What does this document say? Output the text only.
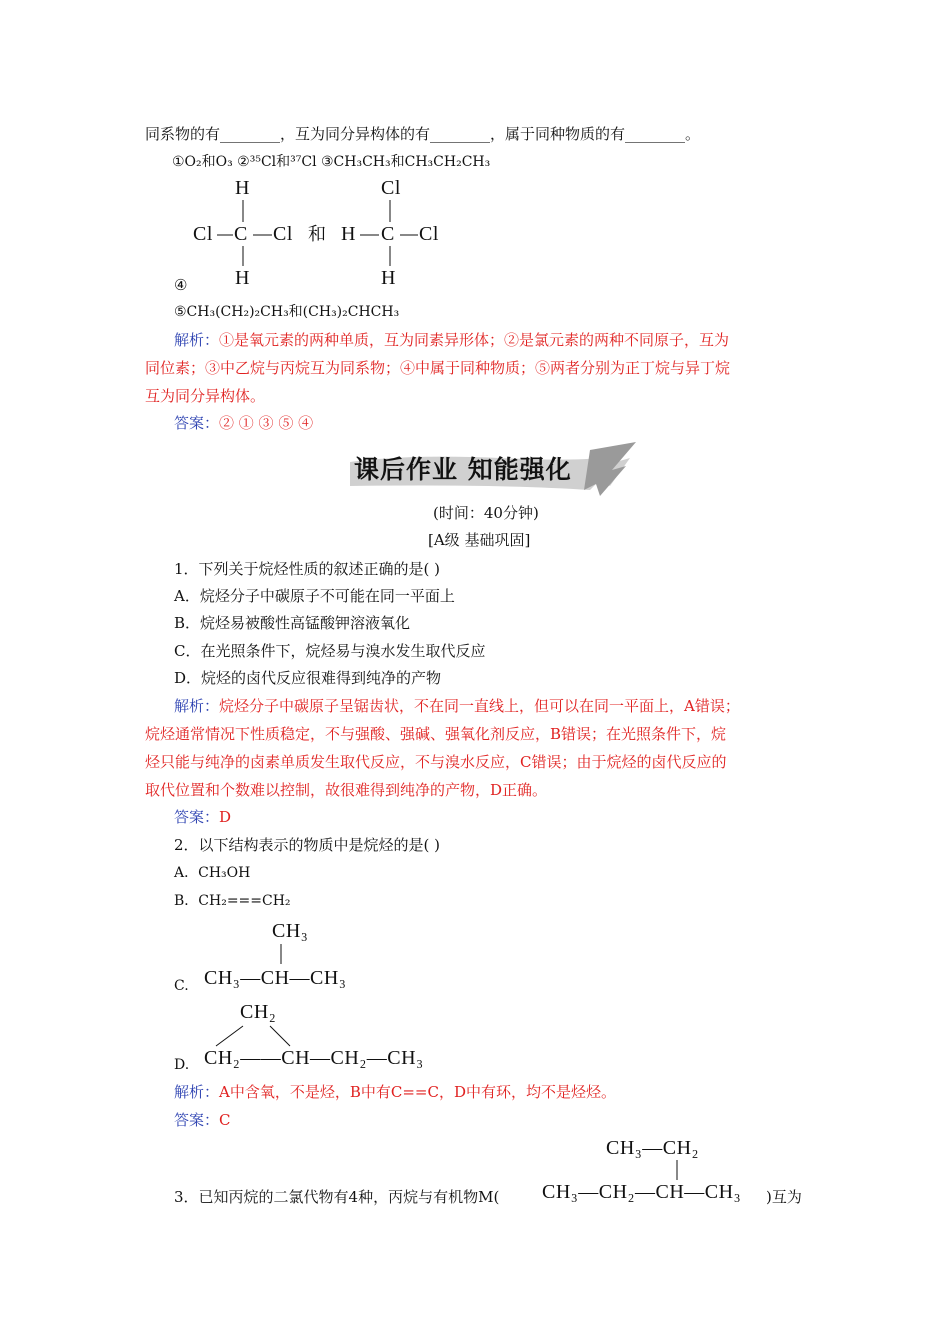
同系物的有________，互为同分异构体的有________，属于同种物质的有________。
①O₂和O₃ ②³⁵Cl和³⁷Cl ③CH₃CH₃和CH₃CH₂CH₃
H
Cl C Cl
H
和
Cl
H C Cl
H
④
⑤CH₃(CH₂)₂CH₃和(CH₃)₂CHCH₃
解析：①是氧元素的两种单质，互为同素异形体；②是氯元素的两种不同原子，互为
同位素；③中乙烷与丙烷互为同系物；④中属于同种物质；⑤两者分别为正丁烷与异丁烷
互为同分异构体。
答案：② ① ③ ⑤ ④
课后作业 知能强化
(时间：40分钟)
[A级 基础巩固]
1．下列关于烷烃性质的叙述正确的是( )
A．烷烃分子中碳原子不可能在同一平面上
B．烷烃易被酸性高锰酸钾溶液氧化
C．在光照条件下，烷烃易与溴水发生取代反应
D．烷烃的卤代反应很难得到纯净的产物
解析：烷烃分子中碳原子呈锯齿状，不在同一直线上，但可以在同一平面上，A错误；
烷烃通常情况下性质稳定，不与强酸、强碱、强氧化剂反应，B错误；在光照条件下，烷
烃只能与纯净的卤素单质发生取代反应，不与溴水反应，C错误；由于烷烃的卤代反应的
取代位置和个数难以控制，故很难得到纯净的产物，D正确。
答案：D
2．以下结构表示的物质中是烷烃的是( )
A．CH₃OH
B．CH₂===CH₂
CH₃
CH₃—CH—CH₃
C.
CH₂
CH₂——CH—CH₂—CH₃
D.
解析：A中含氧，不是烃，B中有C==C，D中有环，均不是烃烃。
答案：C
CH₃—CH₂
3．已知丙烷的二氯代物有4种，丙烷与有机物M( CH₃—CH₂—CH—CH₃ )互为
